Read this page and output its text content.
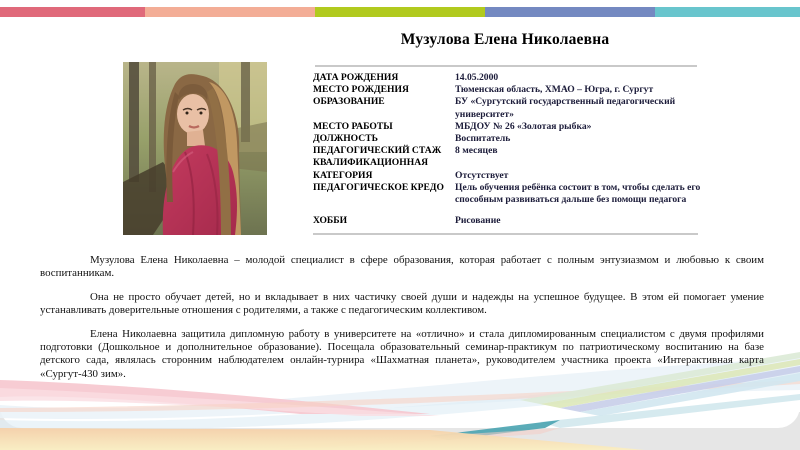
Музулова Елена Николаевна
ДАТА РОЖДЕНИЯ	14.05.2000
МЕСТО РОЖДЕНИЯ	Тюменская область, ХМАО – Югра, г. Сургут
ОБРАЗОВАНИЕ	БУ «Сургутский государственный педагогический университет»
МЕСТО РАБОТЫ	МБДОУ № 26 «Золотая рыбка»
ДОЛЖНОСТЬ	Воспитатель
ПЕДАГОГИЧЕСКИЙ СТАЖ	8 месяцев
КВАЛИФИКАЦИОННАЯ КАТЕГОРИЯ	Отсутствует
ПЕДАГОГИЧЕСКОЕ КРЕДО	Цель обучения ребёнка состоит в том, чтобы сделать его способным развиваться дальше без помощи педагога
ХОББИ	Рисование

Музулова Елена Николаевна – молодой специалист в сфере образования, которая работает с полным энтузиазмом и любовью к своим воспитанникам.

Она не просто обучает детей, но и вкладывает в них частичку своей души и надежды на успешное будущее. В этом ей помогает умение устанавливать доверительные отношения с родителями, а также с педагогическим коллективом.

Елена Николаевна защитила дипломную работу в университете на «отлично» и стала дипломированным специалистом с двумя профилями подготовки (Дошкольное и дополнительное образование). Посещала образовательный семинар-практикум по патриотическому воспитанию на базе детского сада, являлась сторонним наблюдателем онлайн-турнира «Шахматная планета», руководителем участника проекта «Интерактивная карта «Сургут-430 зим».
